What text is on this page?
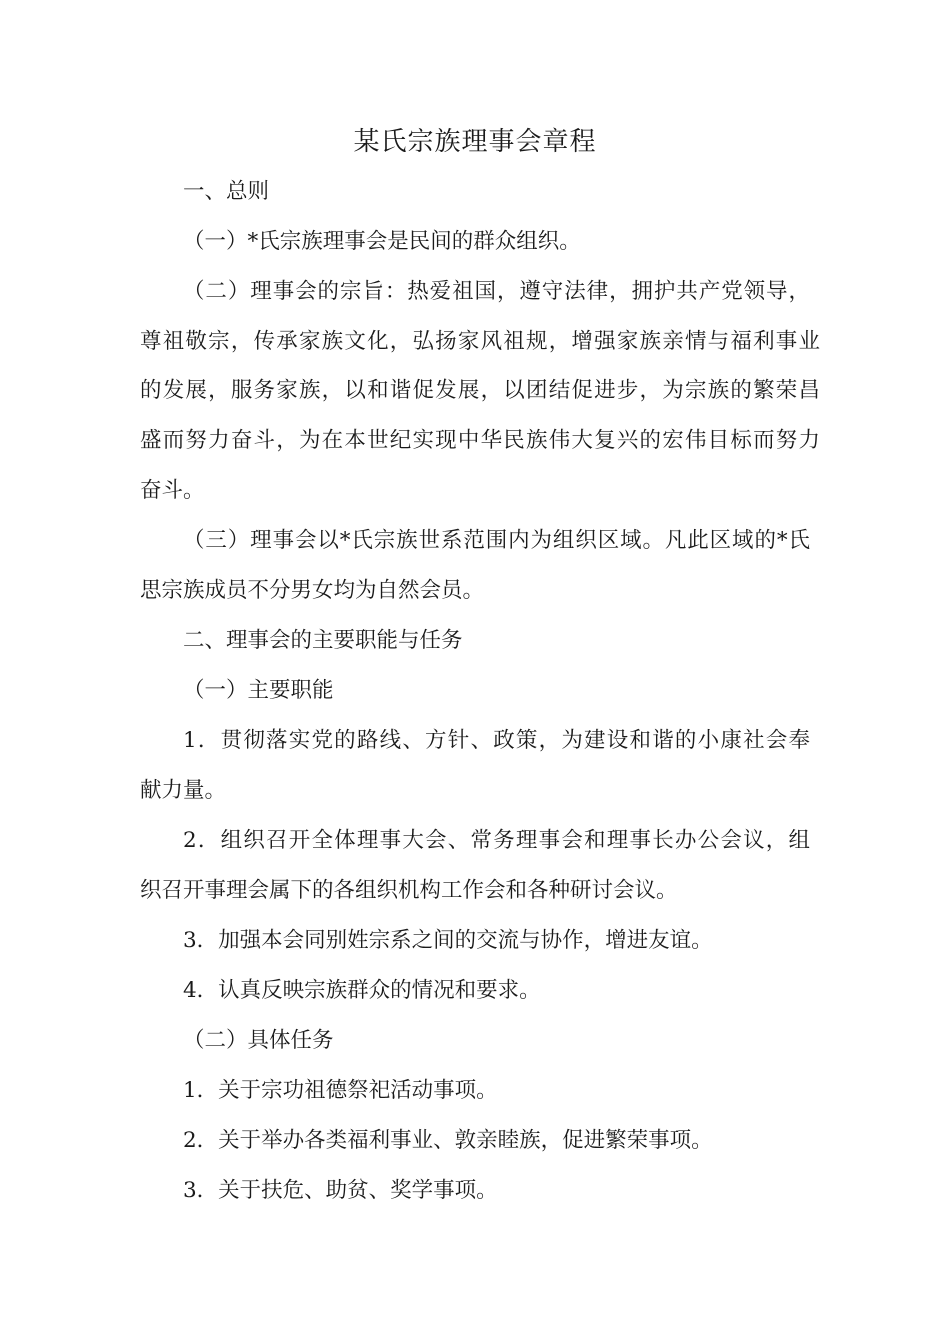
某氏宗族理事会章程
一、总则
（一）*氏宗族理事会是民间的群众组织。
（二）理事会的宗旨：热爱祖国，遵守法律，拥护共产党领导，
尊祖敬宗，传承家族文化，弘扬家风祖规，增强家族亲情与福利事业
的发展，服务家族，以和谐促发展，以团结促进步，为宗族的繁荣昌
盛而努力奋斗，为在本世纪实现中华民族伟大复兴的宏伟目标而努力
奋斗。
（三）理事会以*氏宗族世系范围内为组织区域。凡此区域的*氏
思宗族成员不分男女均为自然会员。
二、理事会的主要职能与任务
（一）主要职能
1．贯彻落实党的路线、方针、政策，为建设和谐的小康社会奉
献力量。
2．组织召开全体理事大会、常务理事会和理事长办公会议，组
织召开事理会属下的各组织机构工作会和各种研讨会议。
3．加强本会同别姓宗系之间的交流与协作，增进友谊。
4．认真反映宗族群众的情况和要求。
（二）具体任务
1．关于宗功祖德祭祀活动事项。
2．关于举办各类福利事业、敦亲睦族，促进繁荣事项。
3．关于扶危、助贫、奖学事项。
